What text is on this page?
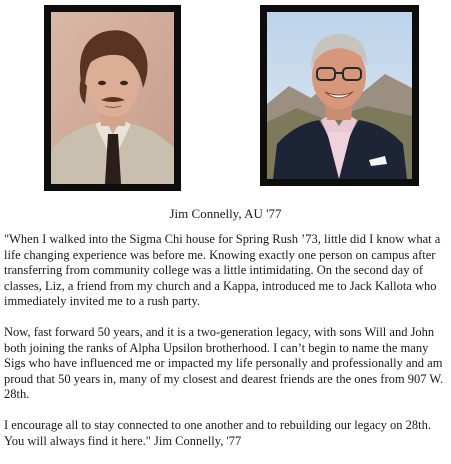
Jim Connelly, AU '77

"When I walked into the Sigma Chi house for Spring Rush ’73, little did I know what a life changing experience was before me. Knowing exactly one person on campus after transferring from community college was a little intimidating. On the second day of classes, Liz, a friend from my church and a Kappa, introduced me to Jack Kallota who immediately invited me to a rush party.

Now, fast forward 50 years, and it is a two-generation legacy, with sons Will and John both joining the ranks of Alpha Upsilon brotherhood. I can’t begin to name the many Sigs who have influenced me or impacted my life personally and professionally and am proud that 50 years in, many of my closest and dearest friends are the ones from 907 W. 28th.

I encourage all to stay connected to one another and to rebuilding our legacy on 28th. You will always find it here." Jim Connelly, '77
